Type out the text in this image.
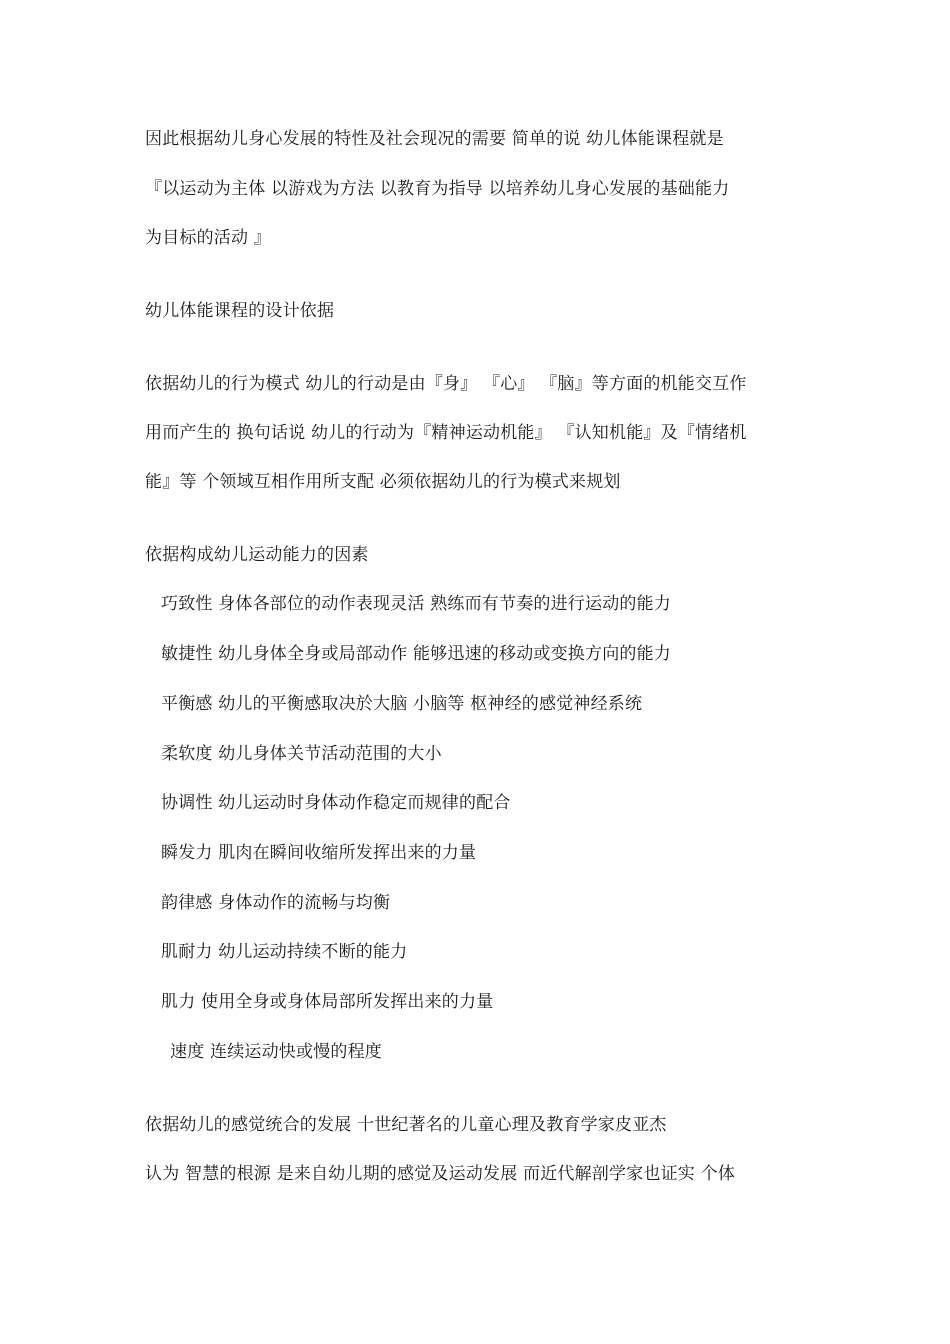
因此根据幼儿身心发展的特性及社会现况的需要 简单的说 幼儿体能课程就是
『以运动为主体 以游戏为方法 以教育为指导 以培养幼儿身心发展的基础能力
为目标的活动 』
幼儿体能课程的设计依据
依据幼儿的行为模式 幼儿的行动是由『身』 『心』 『脑』等方面的机能交互作
用而产生的 换句话说 幼儿的行动为『精神运动机能』 『认知机能』及『情绪机
能』等 个领域互相作用所支配 必须依据幼儿的行为模式来规划
依据构成幼儿运动能力的因素
巧致性 身体各部位的动作表现灵活 熟练而有节奏的进行运动的能力
敏捷性 幼儿身体全身或局部动作 能够迅速的移动或变换方向的能力
平衡感 幼儿的平衡感取决於大脑 小脑等 枢神经的感觉神经系统
柔软度 幼儿身体关节活动范围的大小
协调性 幼儿运动时身体动作稳定而规律的配合
瞬发力 肌肉在瞬间收缩所发挥出来的力量
韵律感 身体动作的流畅与均衡
肌耐力 幼儿运动持续不断的能力
肌力 使用全身或身体局部所发挥出来的力量
速度 连续运动快或慢的程度
依据幼儿的感觉统合的发展 十世纪著名的儿童心理及教育学家皮亚杰
认为 智慧的根源 是来自幼儿期的感觉及运动发展 而近代解剖学家也证实 个体
